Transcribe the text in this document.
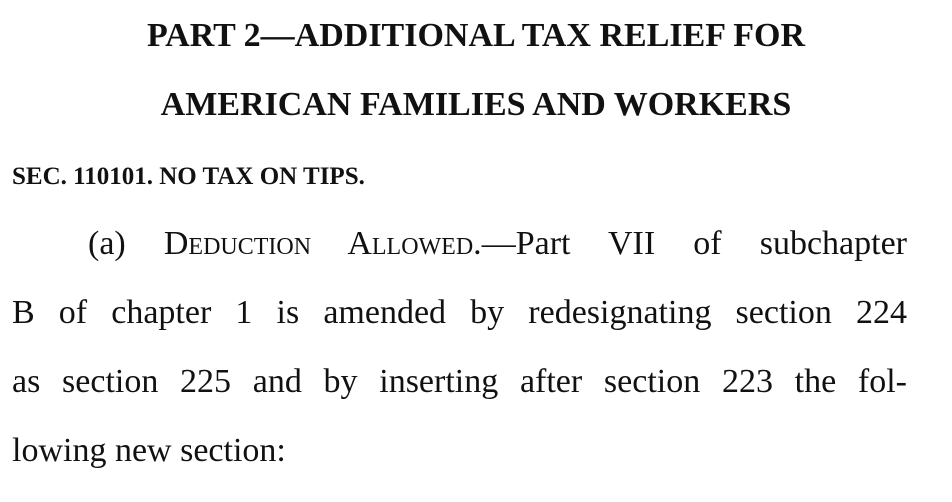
PART 2—ADDITIONAL TAX RELIEF FOR
AMERICAN FAMILIES AND WORKERS
SEC. 110101. NO TAX ON TIPS.
(a) Deduction Allowed.—Part VII of subchapter
B of chapter 1 is amended by redesignating section 224
as section 225 and by inserting after section 223 the fol-
lowing new section:
